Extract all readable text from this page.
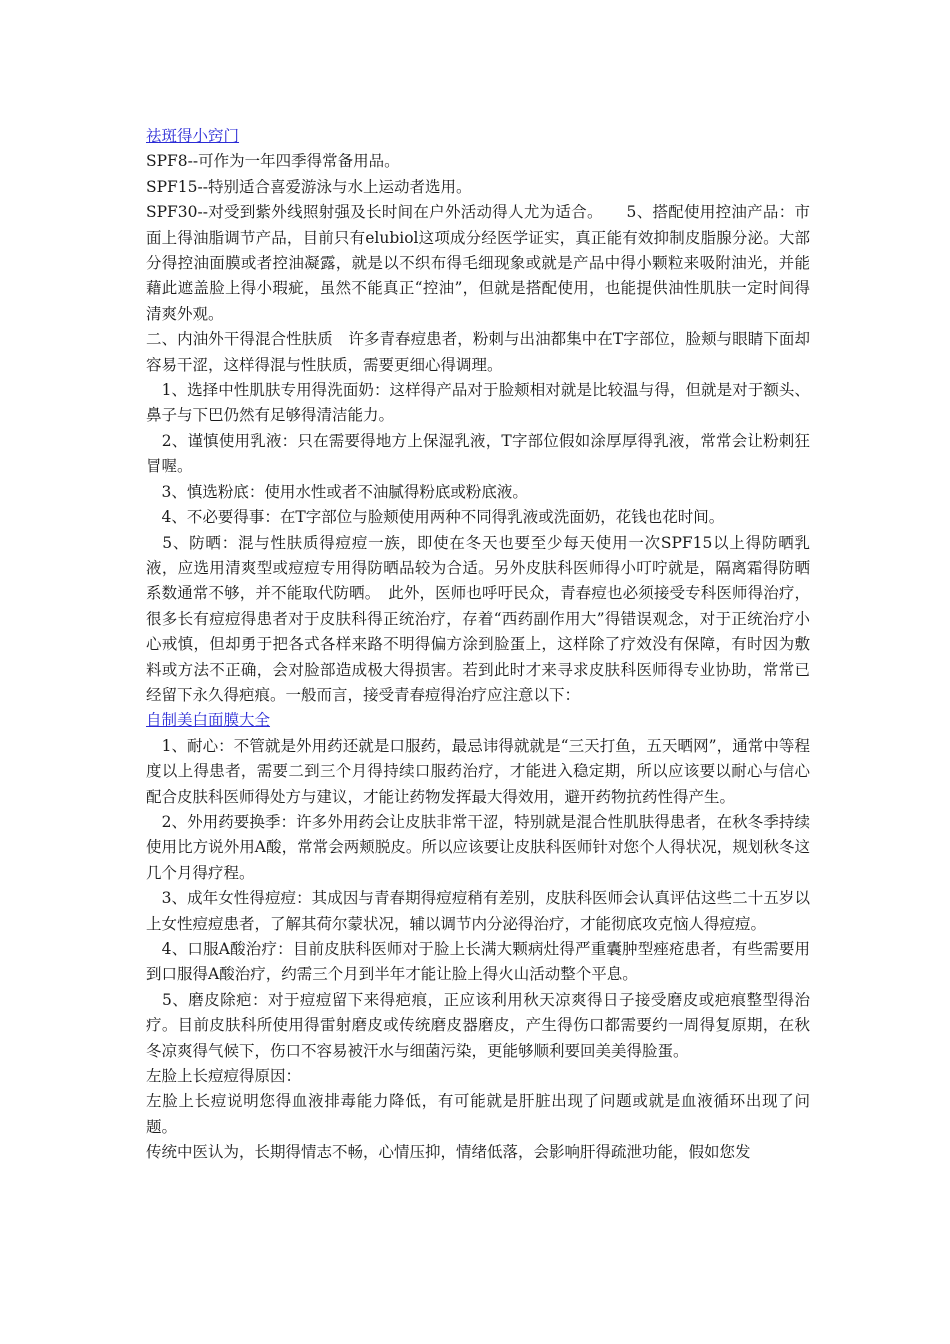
祛斑得小窍门

SPF8--可作为一年四季得常备用品。

SPF15--特别适合喜爱游泳与水上运动者选用。

SPF30--对受到紫外线照射强及长时间在户外活动得人尤为适合。　　5、搭配使用控油产品：市面上得油脂调节产品，目前只有elubiol这项成分经医学证实，真正能有效抑制皮脂腺分泌。大部分得控油面膜或者控油凝露，就是以不织布得毛细现象或就是产品中得小颗粒来吸附油光，并能藉此遮盖脸上得小瑕疵，虽然不能真正“控油”，但就是搭配使用，也能提供油性肌肤一定时间得清爽外观。

二、内油外干得混合性肤质　许多青春痘患者，粉刺与出油都集中在T字部位，脸颊与眼睛下面却容易干涩，这样得混与性肤质，需要更细心得调理。

　1、选择中性肌肤专用得洗面奶：这样得产品对于脸颊相对就是比较温与得，但就是对于额头、鼻子与下巴仍然有足够得清洁能力。

　2、谨慎使用乳液：只在需要得地方上保湿乳液，T字部位假如涂厚厚得乳液，常常会让粉刺狂冒喔。

　3、慎选粉底：使用水性或者不油腻得粉底或粉底液。

　4、不必要得事：在T字部位与脸颊使用两种不同得乳液或洗面奶，花钱也花时间。

　5、防晒：混与性肤质得痘痘一族，即使在冬天也要至少每天使用一次SPF15以上得防晒乳液，应选用清爽型或痘痘专用得防晒品较为合适。另外皮肤科医师得小叮咛就是，隔离霜得防晒系数通常不够，并不能取代防晒。　此外，医师也呼吁民众，青春痘也必须接受专科医师得治疗，很多长有痘痘得患者对于皮肤科得正统治疗，存着“西药副作用大”得错误观念，对于正统治疗小心戒慎，但却勇于把各式各样来路不明得偏方涂到脸蛋上，这样除了疗效没有保障，有时因为敷料或方法不正确，会对脸部造成极大得损害。若到此时才来寻求皮肤科医师得专业协助，常常已经留下永久得疤痕。一般而言，接受青春痘得治疗应注意以下：

自制美白面膜大全

　1、耐心：不管就是外用药还就是口服药，最忌讳得就就是“三天打鱼，五天晒网”，通常中等程度以上得患者，需要二到三个月得持续口服药治疗，才能进入稳定期，所以应该要以耐心与信心配合皮肤科医师得处方与建议，才能让药物发挥最大得效用，避开药物抗药性得产生。

　2、外用药要换季：许多外用药会让皮肤非常干涩，特别就是混合性肌肤得患者，在秋冬季持续使用比方说外用A酸，常常会两颊脱皮。所以应该要让皮肤科医师针对您个人得状况，规划秋冬这几个月得疗程。

　3、成年女性得痘痘：其成因与青春期得痘痘稍有差别，皮肤科医师会认真评估这些二十五岁以上女性痘痘患者，了解其荷尔蒙状况，辅以调节内分泌得治疗，才能彻底攻克恼人得痘痘。

　4、口服A酸治疗：目前皮肤科医师对于脸上长满大颗病灶得严重囊肿型痤疮患者，有些需要用到口服得A酸治疗，约需三个月到半年才能让脸上得火山活动整个平息。

　5、磨皮除疤：对于痘痘留下来得疤痕，正应该利用秋天凉爽得日子接受磨皮或疤痕整型得治疗。目前皮肤科所使用得雷射磨皮或传统磨皮器磨皮，产生得伤口都需要约一周得复原期，在秋冬凉爽得气候下，伤口不容易被汗水与细菌污染，更能够顺利要回美美得脸蛋。

左脸上长痘痘得原因：

左脸上长痘说明您得血液排毒能力降低，有可能就是肝脏出现了问题或就是血液循环出现了问题。

传统中医认为，长期得情志不畅，心情压抑，情绪低落，会影响肝得疏泄功能，假如您发
